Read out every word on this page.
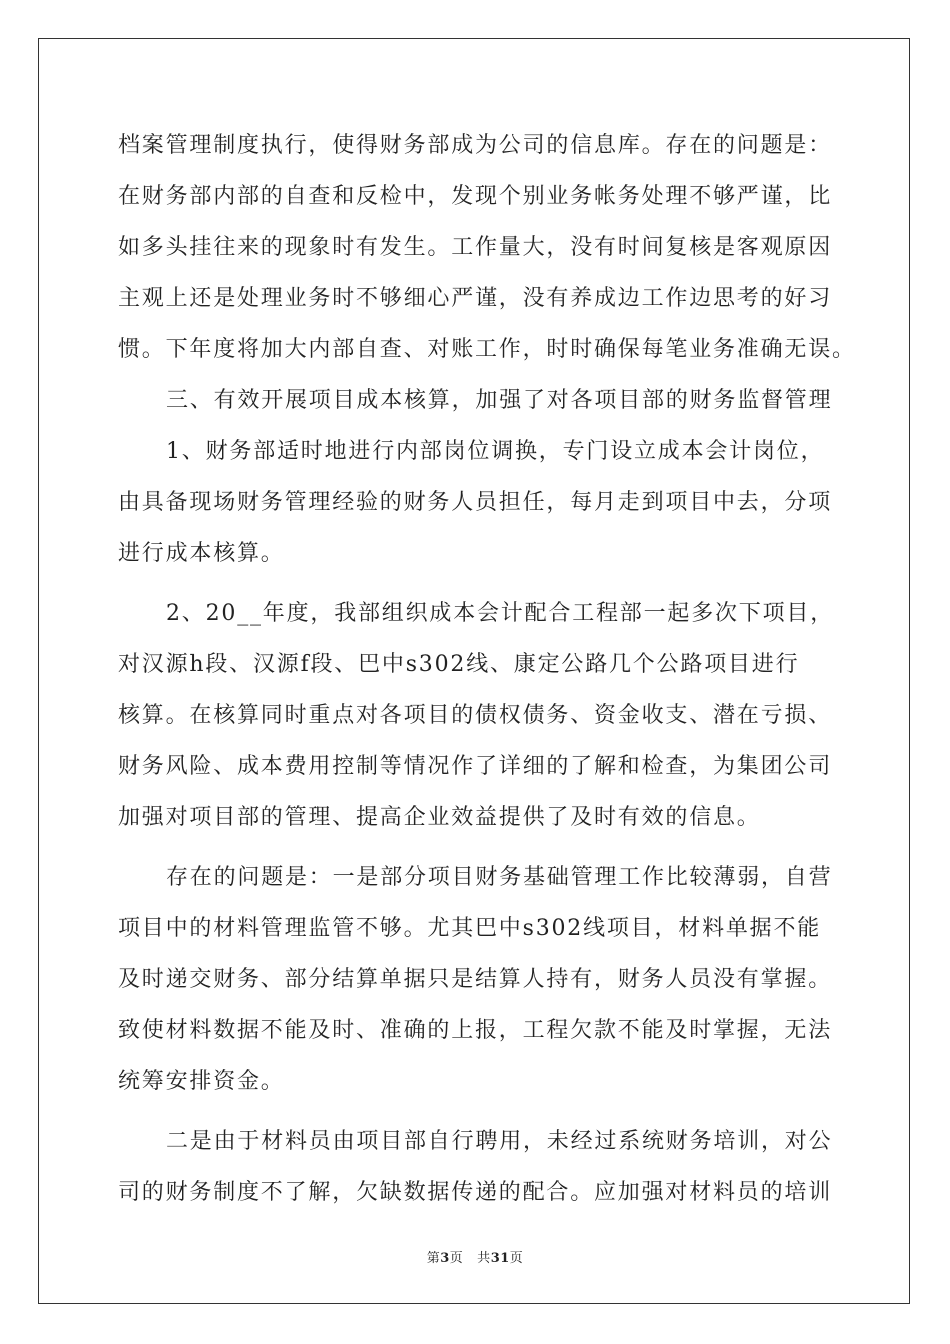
档案管理制度执行，使得财务部成为公司的信息库。存在的问题是：
在财务部内部的自查和反检中，发现个别业务帐务处理不够严谨，比
如多头挂往来的现象时有发生。工作量大，没有时间复核是客观原因
主观上还是处理业务时不够细心严谨，没有养成边工作边思考的好习
惯。下年度将加大内部自查、对账工作，时时确保每笔业务准确无误。
三、有效开展项目成本核算，加强了对各项目部的财务监督管理
1、财务部适时地进行内部岗位调换，专门设立成本会计岗位，
由具备现场财务管理经验的财务人员担任，每月走到项目中去，分项
进行成本核算。
2、20__年度，我部组织成本会计配合工程部一起多次下项目，
对汉源h段、汉源f段、巴中s302线、康定公路几个公路项目进行
核算。在核算同时重点对各项目的债权债务、资金收支、潜在亏损、
财务风险、成本费用控制等情况作了详细的了解和检查，为集团公司
加强对项目部的管理、提高企业效益提供了及时有效的信息。
存在的问题是：一是部分项目财务基础管理工作比较薄弱，自营
项目中的材料管理监管不够。尤其巴中s302线项目，材料单据不能
及时递交财务、部分结算单据只是结算人持有，财务人员没有掌握。
致使材料数据不能及时、准确的上报，工程欠款不能及时掌握，无法
统筹安排资金。
二是由于材料员由项目部自行聘用，未经过系统财务培训，对公
司的财务制度不了解，欠缺数据传递的配合。应加强对材料员的培训
第3页 共31页
